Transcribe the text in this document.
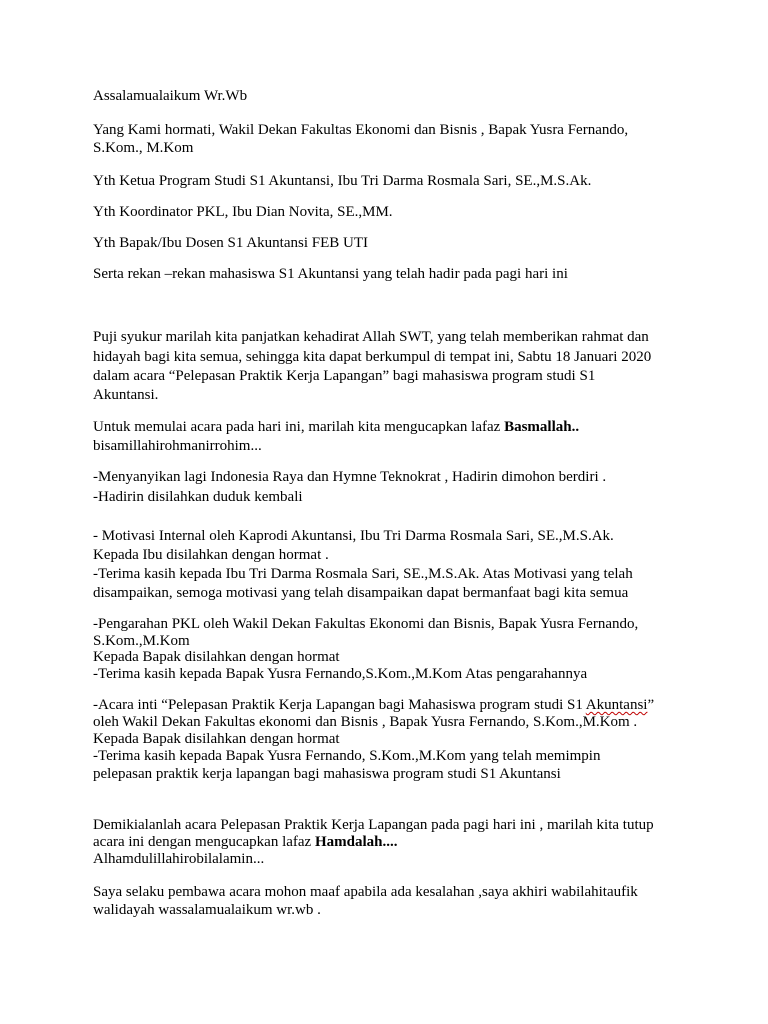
Assalamualaikum Wr.Wb
Yang Kami hormati, Wakil Dekan Fakultas Ekonomi dan Bisnis , Bapak Yusra Fernando,
S.Kom., M.Kom
Yth Ketua Program Studi S1 Akuntansi, Ibu Tri Darma Rosmala Sari, SE.,M.S.Ak.
Yth Koordinator PKL, Ibu Dian Novita, SE.,MM.
Yth Bapak/Ibu Dosen S1 Akuntansi FEB UTI
Serta rekan –rekan mahasiswa S1 Akuntansi yang telah hadir pada pagi hari ini
Puji syukur marilah kita panjatkan kehadirat Allah SWT, yang telah memberikan rahmat dan
hidayah bagi kita semua, sehingga kita dapat berkumpul di tempat ini, Sabtu 18 Januari 2020
dalam acara “Pelepasan Praktik Kerja Lapangan” bagi mahasiswa program studi S1
Akuntansi.
Untuk memulai acara pada hari ini, marilah kita mengucapkan lafaz Basmallah..
bisamillahirohmanirrohim...
-Menyanyikan lagi Indonesia Raya dan Hymne Teknokrat , Hadirin dimohon berdiri .
-Hadirin disilahkan duduk kembali
- Motivasi Internal oleh Kaprodi Akuntansi, Ibu Tri Darma Rosmala Sari, SE.,M.S.Ak.
Kepada Ibu disilahkan dengan hormat .
-Terima kasih kepada Ibu Tri Darma Rosmala Sari, SE.,M.S.Ak. Atas Motivasi yang telah
disampaikan, semoga motivasi yang telah disampaikan dapat bermanfaat bagi kita semua
-Pengarahan PKL oleh Wakil Dekan Fakultas Ekonomi dan Bisnis, Bapak Yusra Fernando,
S.Kom.,M.Kom
Kepada Bapak disilahkan dengan hormat
-Terima kasih kepada Bapak Yusra Fernando,S.Kom.,M.Kom Atas pengarahannya
-Acara inti “Pelepasan Praktik Kerja Lapangan bagi Mahasiswa program studi S1 Akuntansi”
oleh Wakil Dekan Fakultas ekonomi dan Bisnis , Bapak Yusra Fernando, S.Kom.,M.Kom .
Kepada Bapak disilahkan dengan hormat
-Terima kasih kepada Bapak Yusra Fernando, S.Kom.,M.Kom yang telah memimpin
pelepasan praktik kerja lapangan bagi mahasiswa program studi S1 Akuntansi
Demikialanlah acara Pelepasan Praktik Kerja Lapangan pada pagi hari ini , marilah kita tutup
acara ini dengan mengucapkan lafaz Hamdalah....
Alhamdulillahirobilalamin...
Saya selaku pembawa acara mohon maaf apabila ada kesalahan ,saya akhiri wabilahitaufik
walidayah wassalamualaikum wr.wb .
